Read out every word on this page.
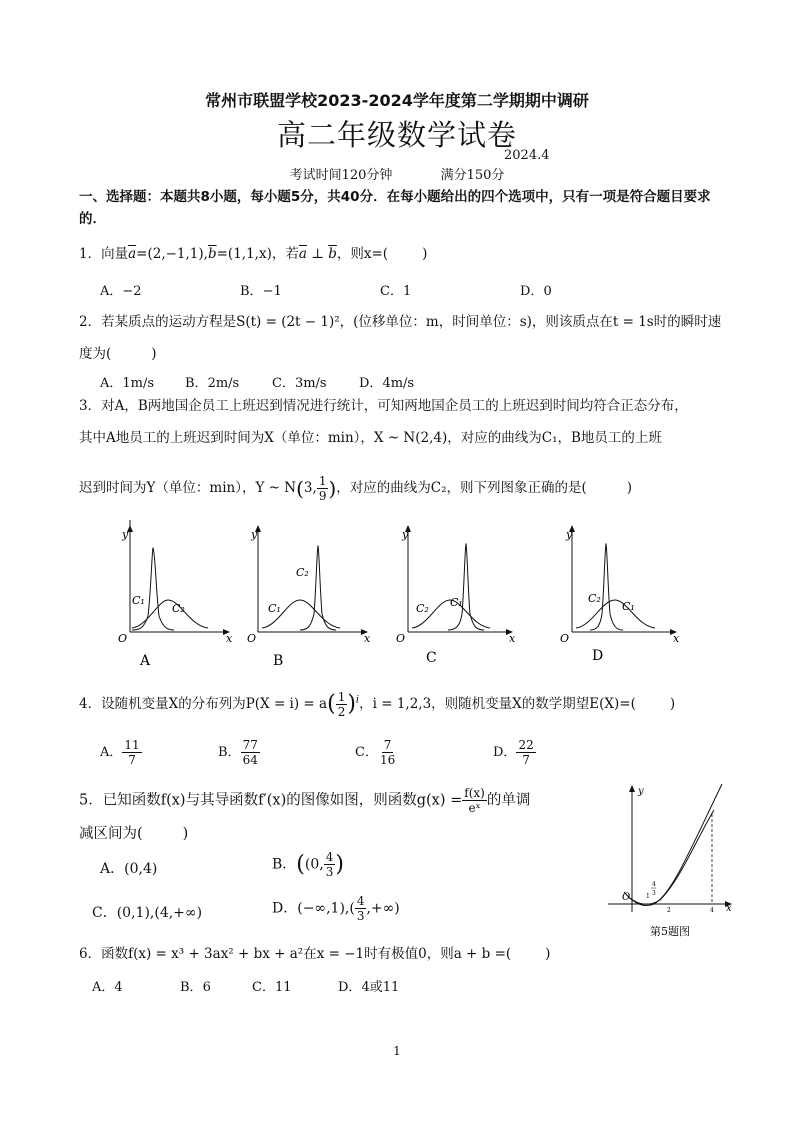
常州市联盟学校2023-2024学年度第二学期期中调研
高二年级数学试卷
2024.4
考试时间120分钟	满分150分
一、选择题：本题共8小题，每小题5分，共40分．在每小题给出的四个选项中，只有一项是符合题目要求的．
1．向量$\overline{a}=(2,-1,1),\overline{b}=(1,1,x)$，若$\overline{a}$ ⊥ $\overline{b}$，则x=(	)
A．−2	B．−1	C．1	D．0
2．若某质点的运动方程是S(t) = (2t − 1)²，(位移单位：m，时间单位：s)，则该质点在t = 1s时的瞬时速
度为(	)
A．1m/s B．2m/s	C．3m/s D．4m/s
3．对A，B两地国企员工上班迟到情况进行统计，可知两地国企员工的上班迟到时间均符合正态分布，
其中A地员工的上班迟到时间为X（单位：min），X ~ N(2,4)，对应的曲线为C₁，B地员工的上班
迟到时间为Y（单位：min），Y ~ N(3, $\frac{1}{9}$ )，对应的曲线为C₂，则下列图象正确的是(	)
y
x
O
C₁
C₂
A
y
x
O
C₂
C₁
B
y
x
O
C₁
C₂
C
y
x
O
C₂
C₁
D
4．设随机变量X的分布列为$P(X = i) = a( \frac{1}{2} )^i$，i = 1,2,3，则随机变量X的数学期望E(X)=(	)
A． $\frac{11}{7}$	B． $\frac{77}{64}$	C． $\frac{7}{16}$	D． $\frac{22}{7}$
5．已知函数f(x)与其导函数f′(x)的图像如图，则函数$g(x) = \frac{f(x)}{\text{eˣ}}$ 的单调
减区间为(	)
A．(0,4)	B．((0, $\frac{4}{3}$ )
C．(0,1),(4,+∞)	D．$(-\infty,1),( \frac{4}{3}$ ,+∞)
y
x
O	1
4
3
2	4
第5题图
6．函数f(x) = x³ + 3ax² + bx + a²在x = −1时有极值0，则a + b =(	)
A．4	B．6	C．11	D．4或11
1
